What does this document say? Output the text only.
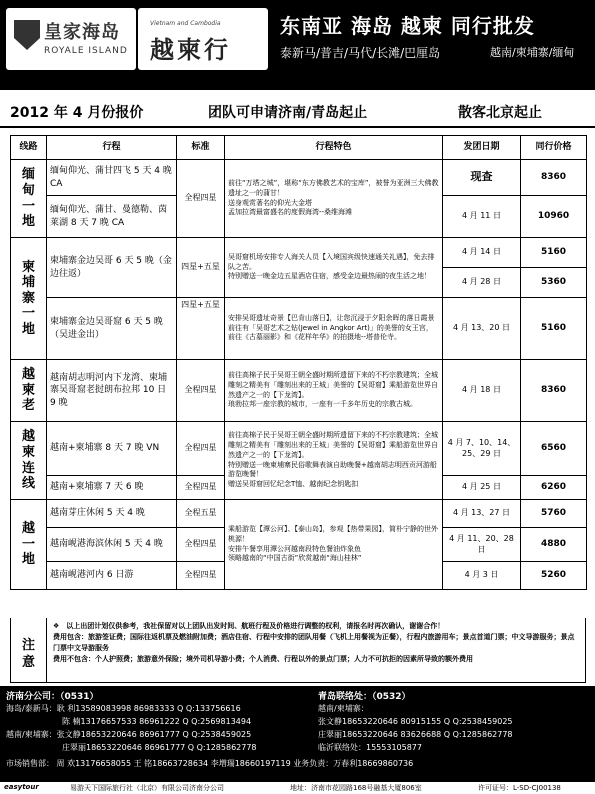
皇家海岛
ROYALE ISLAND
Vietnam and Cambodia
越柬行
东南亚 海岛 越柬 同行批发
泰新马/普吉/马代/长滩/巴厘岛	越南/柬埔寨/缅甸
2012 年 4 月份报价	团队可申请济南/青岛起止	散客北京起止
线路	行程	标准	行程特色	发团日期	同行价格
缅
甸
一
地	缅甸仰光、蒲甘四飞 5 天 4 晚 CA	全程四星	前往“万塔之城”，堪称“东方佛教艺术的宝库”，被誉为亚洲三大佛教遗址之一的蒲甘！
送身观赏著名的仰光大金塔
孟加拉湾最富盛名的度假海湾--桑维海滩	现查	8360
	缅甸仰光、蒲甘、曼德勒、茵莱湖 8 天 7 晚 CA			4 月 11 日	10960
柬
埔
寨
一
地	柬埔寨金边吴哥 6 天 5 晚（金边往返）	四星+五星	吴哥窟机场安排专人海关人员【入境国宾级快速通关礼遇】，免去排队之苦。
特别赠送一晚金边五星酒店住宿，感受金边最热闹的夜生活之地！	4 月 14 日	5160
				4 月 28 日	5360
	柬埔寨金边吴哥窟 6 天 5 晚 （吴进金出）	四星+五星	安排吴哥遗址奇景【巴肯山落日】，让您沉浸于夕阳余晖的落日霞景
前往有「吴哥艺术之钻(Jewel in Angkor Art)」的美誉的女王宫，前往《古墓丽影》和《花样年华》的拍摄地--塔普伦寺。	4 月 13、20 日	5160
越
柬
老	越南胡志明河内下龙湾、柬埔寨吴哥窟老挝朗布拉邦 10 日 9 晚	全程四星	前往高棉子民于吴哥王朝全盛时期所遗留下来的不朽宗教建筑；全城雕刻之精美有「雕刻出来的王城」美誉的【吴哥窟】乘船游览世界自然遗产之一的【下龙湾】。
琅勃拉邦一座宗教的城市，一座有一千多年历史的宗教古城。	4 月 18 日	8360
越
柬
连
线	越南+柬埔寨 8 天 7 晚 VN	全程四星	前往高棉子民于吴哥王朝全盛时期所遗留下来的不朽宗教建筑；全城雕刻之精美有「雕刻出来的王城」美誉的【吴哥窟】乘船游览世界自然遗产之一的【下龙湾】。
特别赠送一晚柬埔寨民俗歌舞表演自助晚餐+越南胡志明西贡河游船游览晚餐！
赠送吴哥窟回忆纪念T恤、越南纪念钥匙扣	4 月 7、10、14、25、29 日	6560
	越南+柬埔寨 7 天 6 晚	全程四星		4 月 25 日	6260
越
一
地	越南芽庄休闲 5 天 4 晚	全程五星	乘船游览【潭公河】、【泰山岛】，参观【热带果园】，简朴宁静的世外桃源！
安排午餐享用潭公河越南段特色餐油炸象鱼
领略越南的“中国古街”欣赏越南“海山桂林”	4 月 13、27 日	5760
	越南岘港海滨休闲 5 天 4 晚	全程四星		4 月 11、20、28 日	4880
	越南岘港河内 6 日游	全程四星		4 月 3 日	5260
注
意
❖　以上出团计划仅供参考，我社保留对以上团队出发时间、航班行程及价格进行调整的权利，请报名时再次确认，谢谢合作！
费用包含：旅游签证费；国际往返机票及燃油附加费；酒店住宿、行程中安排的团队用餐（飞机上用餐视为正餐），行程内旅游用车；景点首道门票；中文导游服务；景点门票中文导游服务
费用不包含：个人护照费；旅游意外保险；境外司机导游小费；个人消费、行程以外的景点门票；人力不可抗拒的因素所导致的额外费用
济南分公司：（0531）	青岛联络处：（0532）
海岛/泰新马：耿 利13589083998 86983333 Q Q:133756616	越南/柬埔寨：
　　　　　　　陈 楠13176657533 86961222 Q Q:2569813494	张文静18653220646 80915155 Q Q:2538459025
越南/柬埔寨：张文静18653220646 86961777 Q Q:2538459025	庄翠丽18653220646 83626688 Q Q:1285862778
　　　　　　　庄翠丽18653220646 86961777 Q Q:1285862778	临沂联络处：15553105877
市场销售部： 周 欢13176658055 王 铭18663728634 李増瑞18660197119 业务负责：万春利18669860736
easytour	易游天下国际旅行社（北京）有限公司济南分公司	地址：济南市花园路168号融基大厦806室	许可证号：L-SD-CJ00138
